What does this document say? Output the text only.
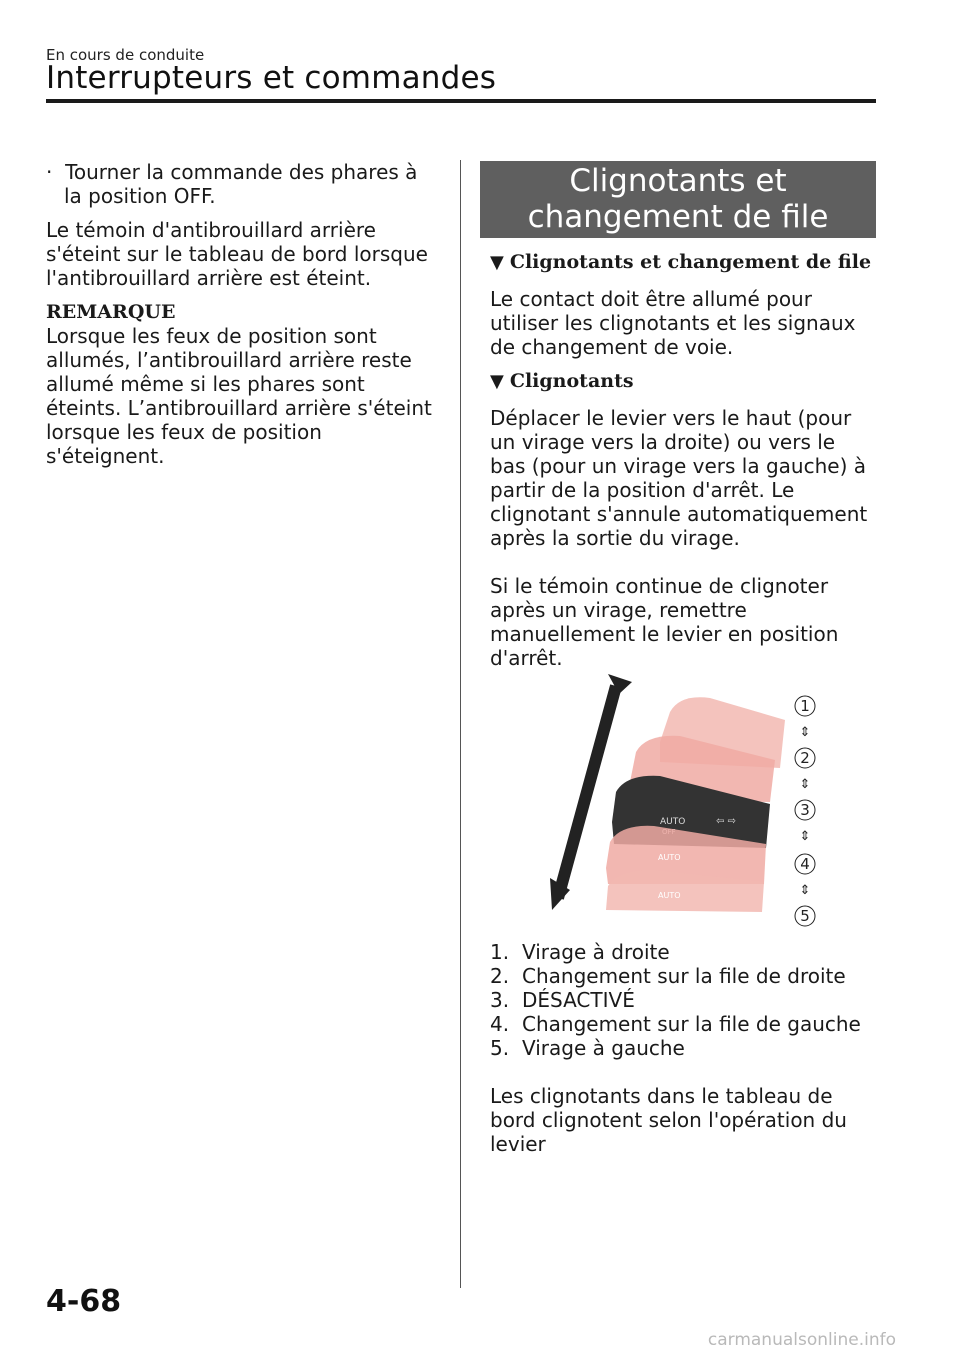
En cours de conduite
Interrupteurs et commandes

· Tourner la commande des phares à la position OFF.

Le témoin d'antibrouillard arrière s'éteint sur le tableau de bord lorsque l'antibrouillard arrière est éteint.

REMARQUE

Lorsque les feux de position sont allumés, l’antibrouillard arrière reste allumé même si les phares sont éteints. L’antibrouillard arrière s'éteint lorsque les feux de position s'éteignent.

Clignotants et
changement de file

▼ Clignotants et changement de file

Le contact doit être allumé pour utiliser les clignotants et les signaux de changement de voie.

▼ Clignotants

Déplacer le levier vers le haut (pour un virage vers la droite) ou vers le bas (pour un virage vers la gauche) à partir de la position d'arrêt. Le clignotant s'annule automatiquement après la sortie du virage.

Si le témoin continue de clignoter après un virage, remettre manuellement le levier en position d'arrêt.

AUTO	⇦ ⇨
AUTO
AUTO
1
⇕
2
⇕
3
⇕
4
⇕
5
1. Virage à droite
2. Changement sur la file de droite
3. DÉSACTIVÉ
4. Changement sur la file de gauche
5. Virage à gauche

Les clignotants dans le tableau de bord clignotent selon l'opération du levier

4-68
carmanualsonline.info
